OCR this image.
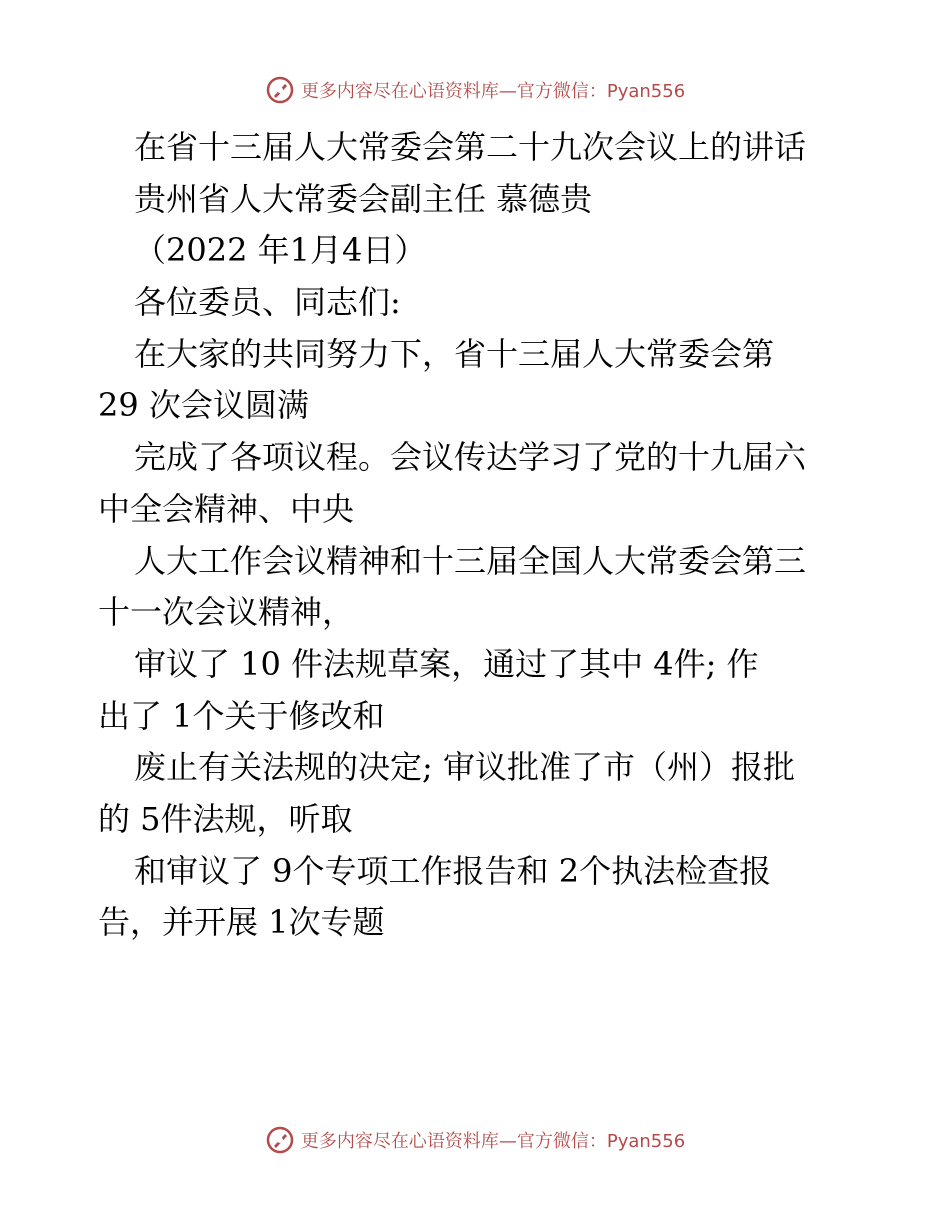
更多内容尽在心语资料库—官方微信：Pyan556
在省十三届人大常委会第二十九次会议上的讲话
贵州省人大常委会副主任 慕德贵
（2022 年1月4日）
各位委员、同志们:
在大家的共同努力下，省十三届人大常委会第
29 次会议圆满
完成了各项议程。会议传达学习了党的十九届六
中全会精神、中央
人大工作会议精神和十三届全国人大常委会第三
十一次会议精神，
审议了 10 件法规草案，通过了其中 4件; 作
出了 1个关于修改和
废止有关法规的决定; 审议批准了市（州）报批
的 5件法规，听取
和审议了 9个专项工作报告和 2个执法检查报
告，并开展 1次专题
更多内容尽在心语资料库—官方微信：Pyan556
